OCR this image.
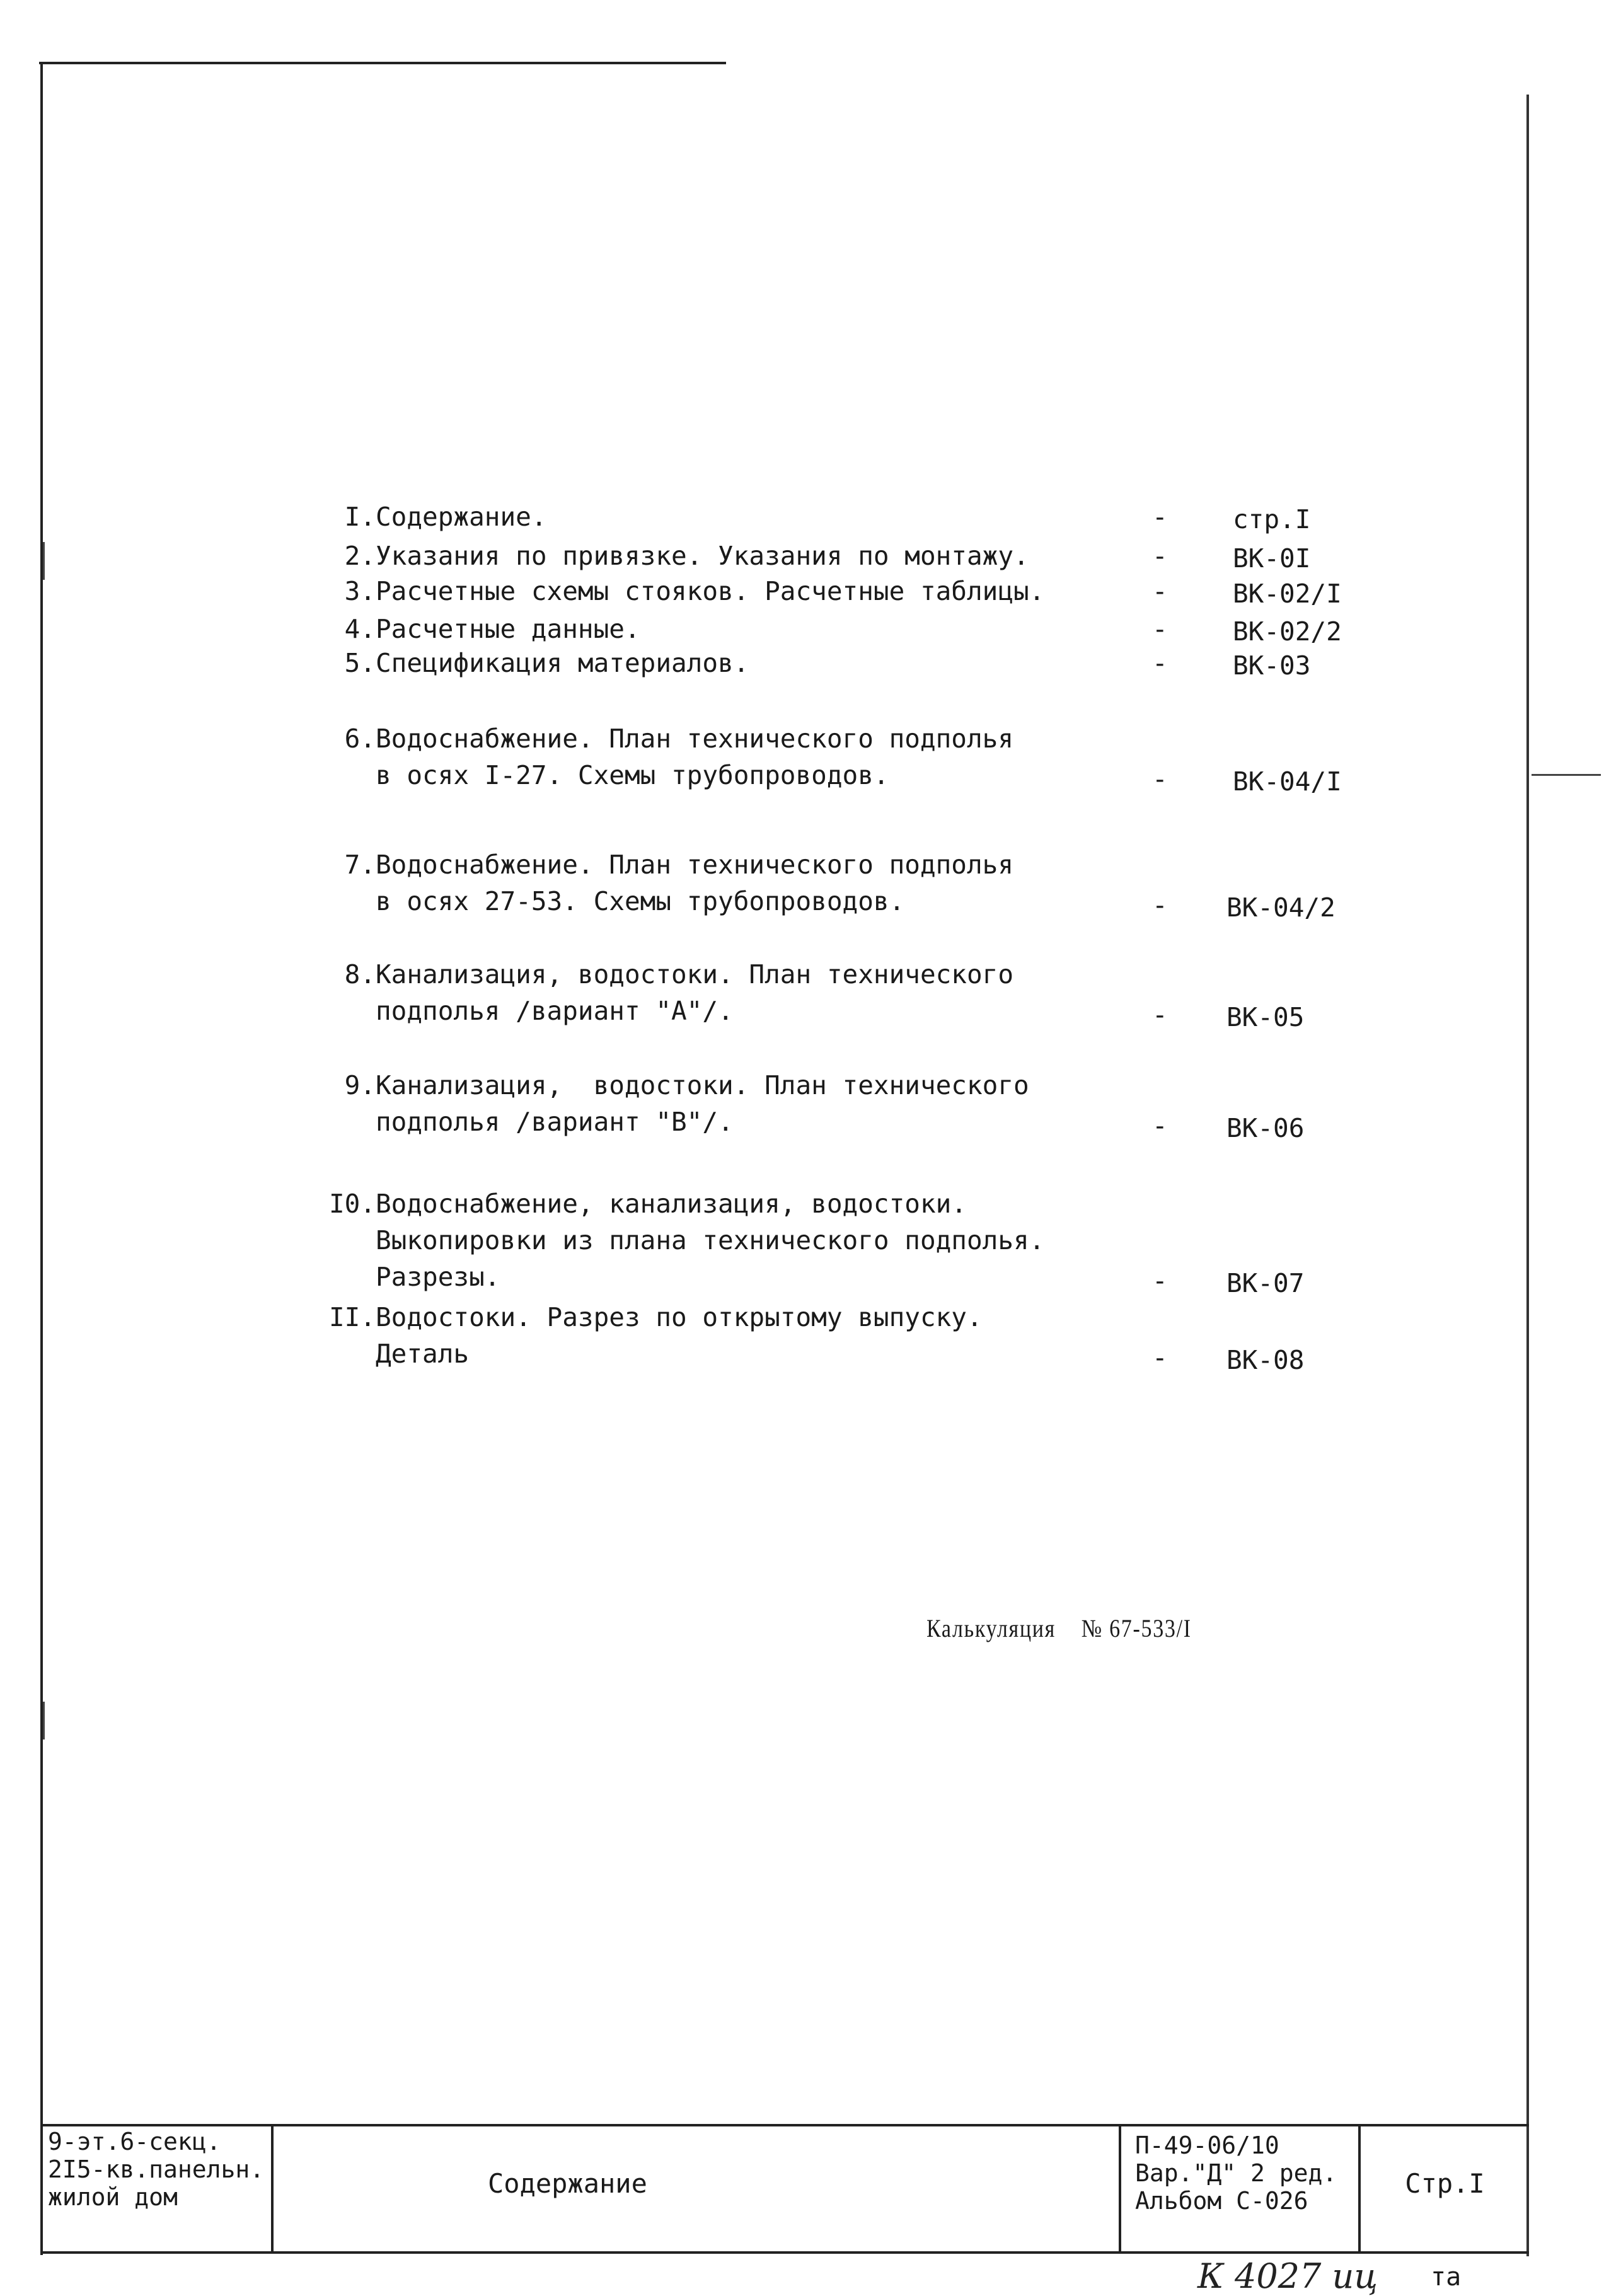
I. Содержание.	-	стр.I
2. Указания по привязке. Указания по монтажу.	-	ВК-0I
3. Расчетные схемы стояков. Расчетные таблицы.	-	ВК-02/I
4. Расчетные данные.	-	ВК-02/2
5. Спецификация материалов.	-	ВК-03
6. Водоснабжение. План технического подполья
в осях I-27. Схемы трубопроводов.	-	ВК-04/I
7. Водоснабжение. План технического подполья
в осях 27-53. Схемы трубопроводов.	-	ВК-04/2
8. Канализация, водостоки. План технического
подполья /вариант "А"/.	-	ВК-05
9. Канализация,  водостоки. План технического
подполья /вариант "В"/.	-	ВК-06
I0. Водоснабжение, канализация, водостоки.
Выкопировки из плана технического подполья.
Разрезы.	-	ВК-07
II. Водостоки. Разрез по открытому выпуску.
Деталь	-	ВК-08
Калькуляция № 67-533/I
9-эт.6-секц.
2I5-кв.панельн.
жилой дом	Содержание
П-49-06/10
Вар."Д" 2 ред.
Альбом С-026
Стр.I
К 4027 иц та
